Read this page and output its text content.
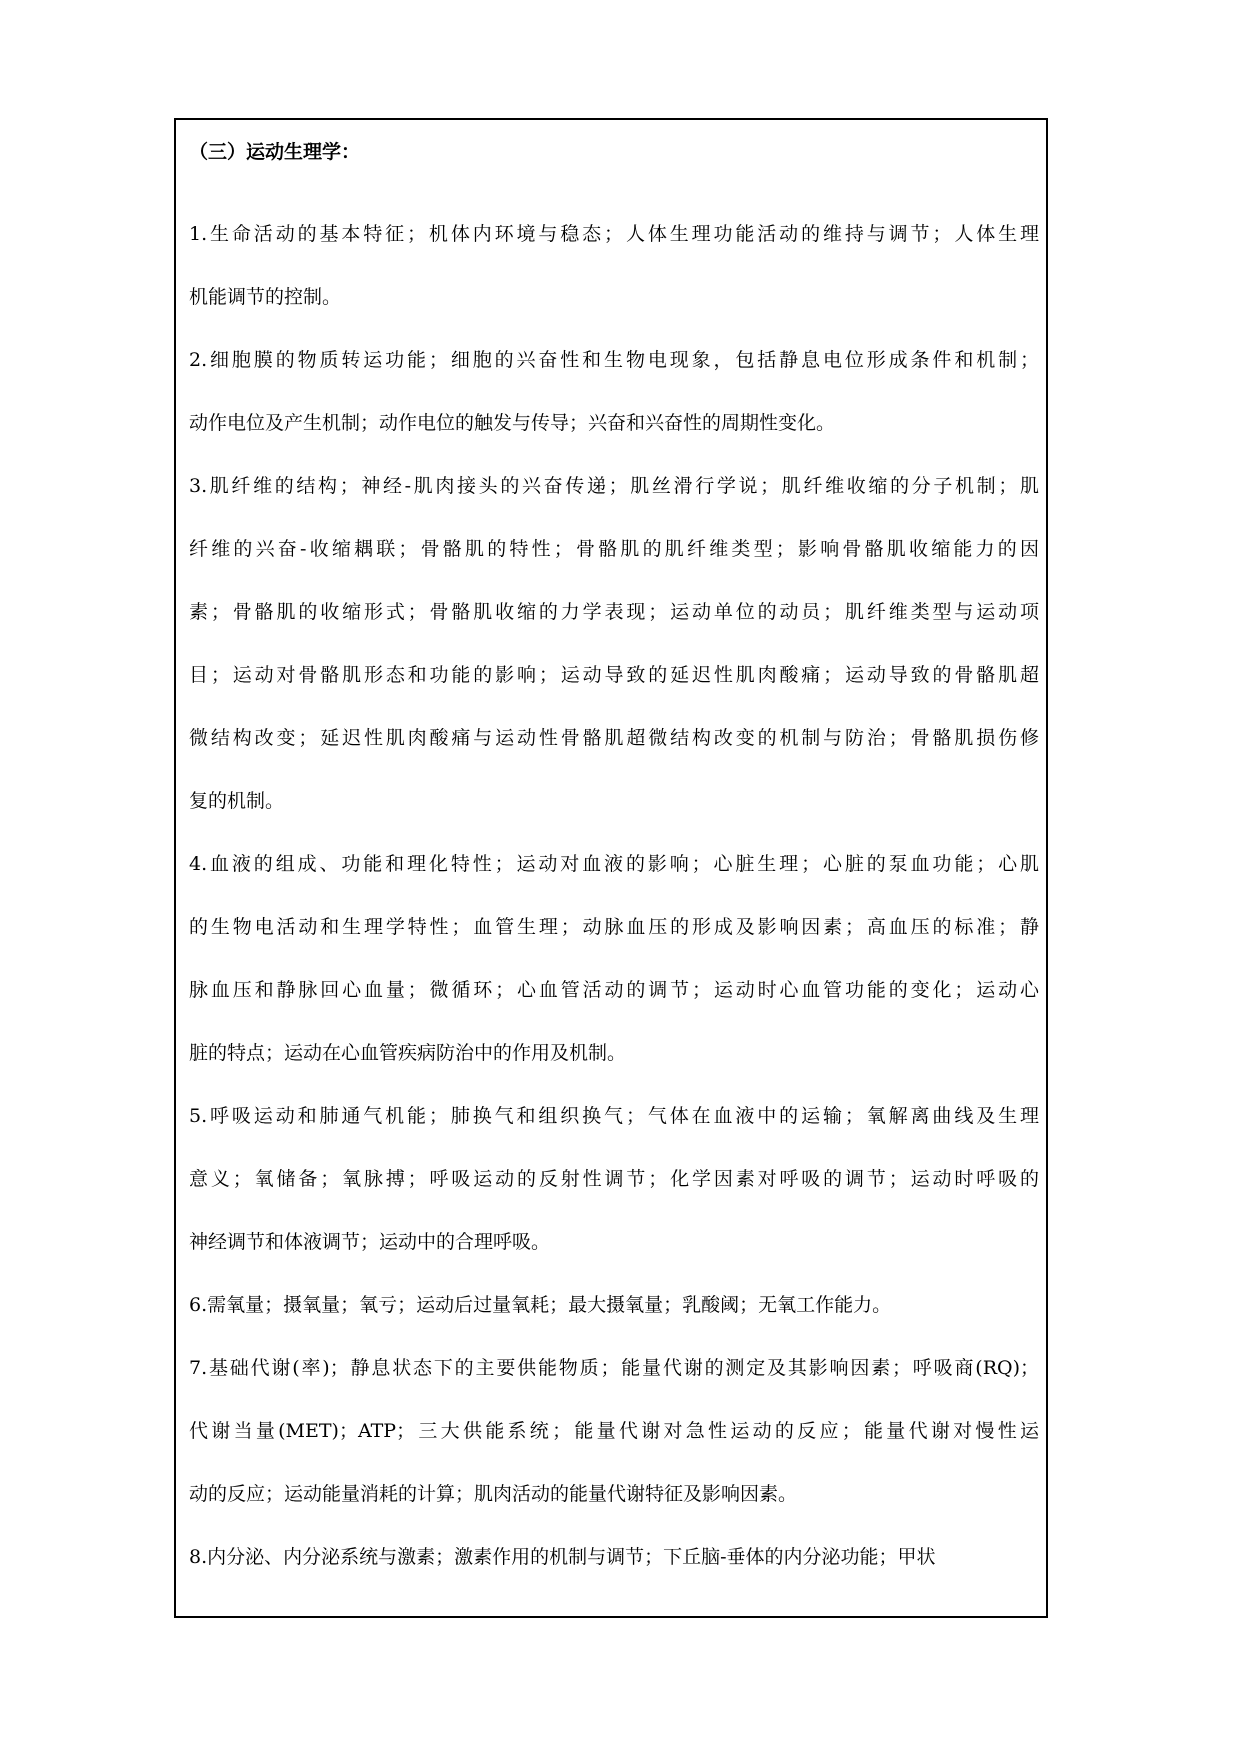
（三）运动生理学：
1.生命活动的基本特征；机体内环境与稳态；人体生理功能活动的维持与调节；人体生理
机能调节的控制。
2.细胞膜的物质转运功能；细胞的兴奋性和生物电现象，包括静息电位形成条件和机制；
动作电位及产生机制；动作电位的触发与传导；兴奋和兴奋性的周期性变化。
3.肌纤维的结构；神经-肌肉接头的兴奋传递；肌丝滑行学说；肌纤维收缩的分子机制；肌
纤维的兴奋-收缩耦联；骨骼肌的特性；骨骼肌的肌纤维类型；影响骨骼肌收缩能力的因
素；骨骼肌的收缩形式；骨骼肌收缩的力学表现；运动单位的动员；肌纤维类型与运动项
目；运动对骨骼肌形态和功能的影响；运动导致的延迟性肌肉酸痛；运动导致的骨骼肌超
微结构改变；延迟性肌肉酸痛与运动性骨骼肌超微结构改变的机制与防治；骨骼肌损伤修
复的机制。
4.血液的组成、功能和理化特性；运动对血液的影响；心脏生理；心脏的泵血功能；心肌
的生物电活动和生理学特性；血管生理；动脉血压的形成及影响因素；高血压的标准；静
脉血压和静脉回心血量；微循环；心血管活动的调节；运动时心血管功能的变化；运动心
脏的特点；运动在心血管疾病防治中的作用及机制。
5.呼吸运动和肺通气机能；肺换气和组织换气；气体在血液中的运输；氧解离曲线及生理
意义；氧储备；氧脉搏；呼吸运动的反射性调节；化学因素对呼吸的调节；运动时呼吸的
神经调节和体液调节；运动中的合理呼吸。
6.需氧量；摄氧量；氧亏；运动后过量氧耗；最大摄氧量；乳酸阈；无氧工作能力。
7.基础代谢(率)；静息状态下的主要供能物质；能量代谢的测定及其影响因素；呼吸商(RQ)；
代谢当量(MET)；ATP；三大供能系统；能量代谢对急性运动的反应；能量代谢对慢性运
动的反应；运动能量消耗的计算；肌肉活动的能量代谢特征及影响因素。
8.内分泌、内分泌系统与激素；激素作用的机制与调节；下丘脑-垂体的内分泌功能；甲状
